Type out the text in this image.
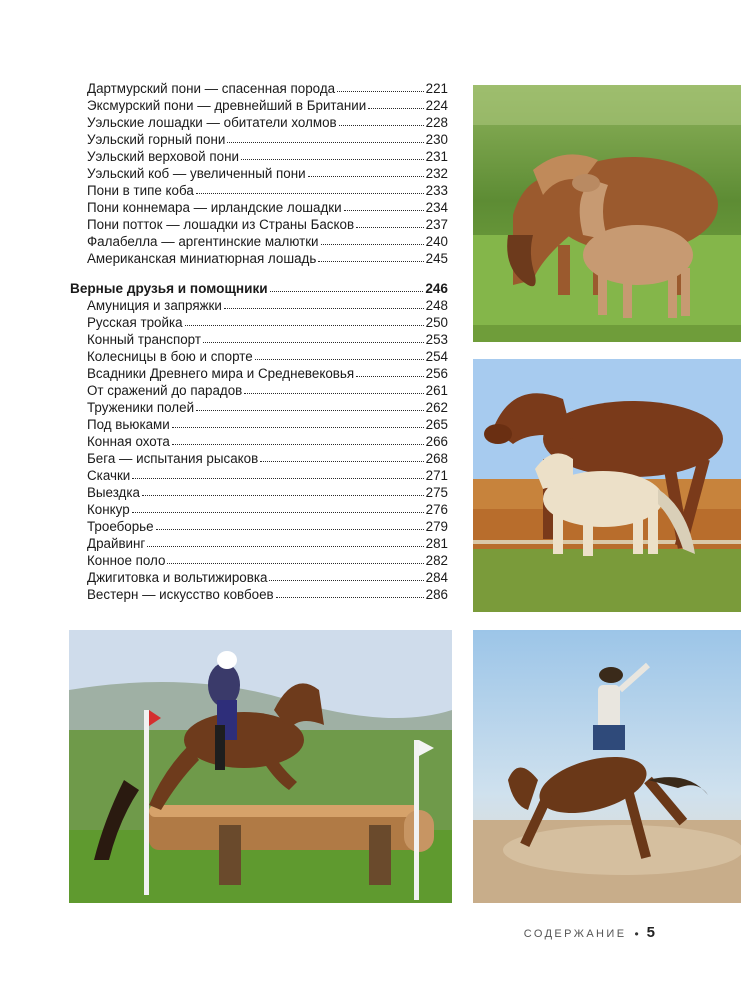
Дартмурский пони — спасенная порода	221
Эксмурский пони — древнейший в Британии	224
Уэльские лошадки — обитатели холмов	228
Уэльский горный пони	230
Уэльский верховой пони	231
Уэльский коб — увеличенный пони	232
Пони в типе коба	233
Пони коннемара — ирландские лошадки	234
Пони потток — лошадки из Страны Басков	237
Фалабелла — аргентинские малютки	240
Американская миниатюрная лошадь	245
Верные друзья и помощники	246
Амуниция и запряжки	248
Русская тройка	250
Конный транспорт	253
Колесницы в бою и спорте	254
Всадники Древнего мира и Средневековья	256
От сражений до парадов	261
Труженики полей	262
Под вьюками	265
Конная охота	266
Бега — испытания рысаков	268
Скачки	271
Выездка	275
Конкур	276
Троеборье	279
Драйвинг	281
Конное поло	282
Джигитовка и вольтижировка	284
Вестерн — искусство ковбоев	286
СОДЕРЖАНИЕ • 5
